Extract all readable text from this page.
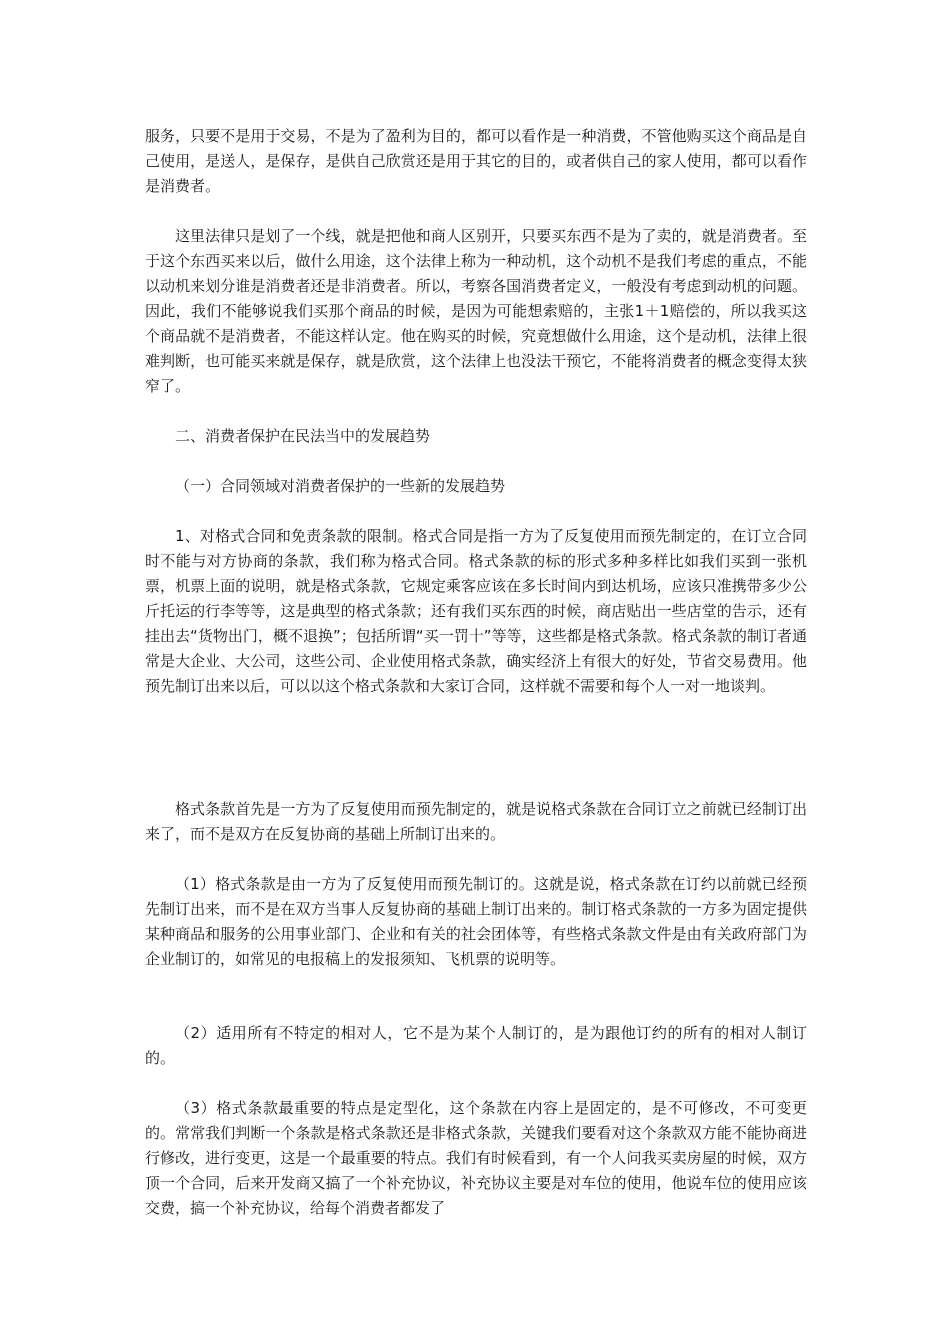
服务，只要不是用于交易，不是为了盈利为目的，都可以看作是一种消费，不管他购买这个商品是自己使用，是送人，是保存，是供自己欣赏还是用于其它的目的，或者供自己的家人使用，都可以看作是消费者。

这里法律只是划了一个线，就是把他和商人区别开，只要买东西不是为了卖的，就是消费者。至于这个东西买来以后，做什么用途，这个法律上称为一种动机，这个动机不是我们考虑的重点，不能以动机来划分谁是消费者还是非消费者。所以，考察各国消费者定义，一般没有考虑到动机的问题。因此，我们不能够说我们买那个商品的时候，是因为可能想索赔的，主张1＋1赔偿的，所以我买这个商品就不是消费者，不能这样认定。他在购买的时候，究竟想做什么用途，这个是动机，法律上很难判断，也可能买来就是保存，就是欣赏，这个法律上也没法干预它，不能将消费者的概念变得太狭窄了。

二、消费者保护在民法当中的发展趋势

（一）合同领域对消费者保护的一些新的发展趋势

1、对格式合同和免责条款的限制。格式合同是指一方为了反复使用而预先制定的，在订立合同时不能与对方协商的条款，我们称为格式合同。格式条款的标的形式多种多样比如我们买到一张机票，机票上面的说明，就是格式条款，它规定乘客应该在多长时间内到达机场，应该只准携带多少公斤托运的行李等等，这是典型的格式条款；还有我们买东西的时候，商店贴出一些店堂的告示，还有挂出去“货物出门，概不退换”；包括所谓“买一罚十”等等，这些都是格式条款。格式条款的制订者通常是大企业、大公司，这些公司、企业使用格式条款，确实经济上有很大的好处，节省交易费用。他预先制订出来以后，可以以这个格式条款和大家订合同，这样就不需要和每个人一对一地谈判。

格式条款首先是一方为了反复使用而预先制定的，就是说格式条款在合同订立之前就已经制订出来了，而不是双方在反复协商的基础上所制订出来的。

（1）格式条款是由一方为了反复使用而预先制订的。这就是说，格式条款在订约以前就已经预先制订出来，而不是在双方当事人反复协商的基础上制订出来的。制订格式条款的一方多为固定提供某种商品和服务的公用事业部门、企业和有关的社会团体等，有些格式条款文件是由有关政府部门为企业制订的，如常见的电报稿上的发报须知、飞机票的说明等。

（2）适用所有不特定的相对人，它不是为某个人制订的，是为跟他订约的所有的相对人制订的。

（3）格式条款最重要的特点是定型化，这个条款在内容上是固定的，是不可修改，不可变更的。常常我们判断一个条款是格式条款还是非格式条款，关键我们要看对这个条款双方能不能协商进行修改，进行变更，这是一个最重要的特点。我们有时候看到，有一个人问我买卖房屋的时候，双方顶一个合同，后来开发商又搞了一个补充协议，补充协议主要是对车位的使用，他说车位的使用应该交费，搞一个补充协议，给每个消费者都发了
